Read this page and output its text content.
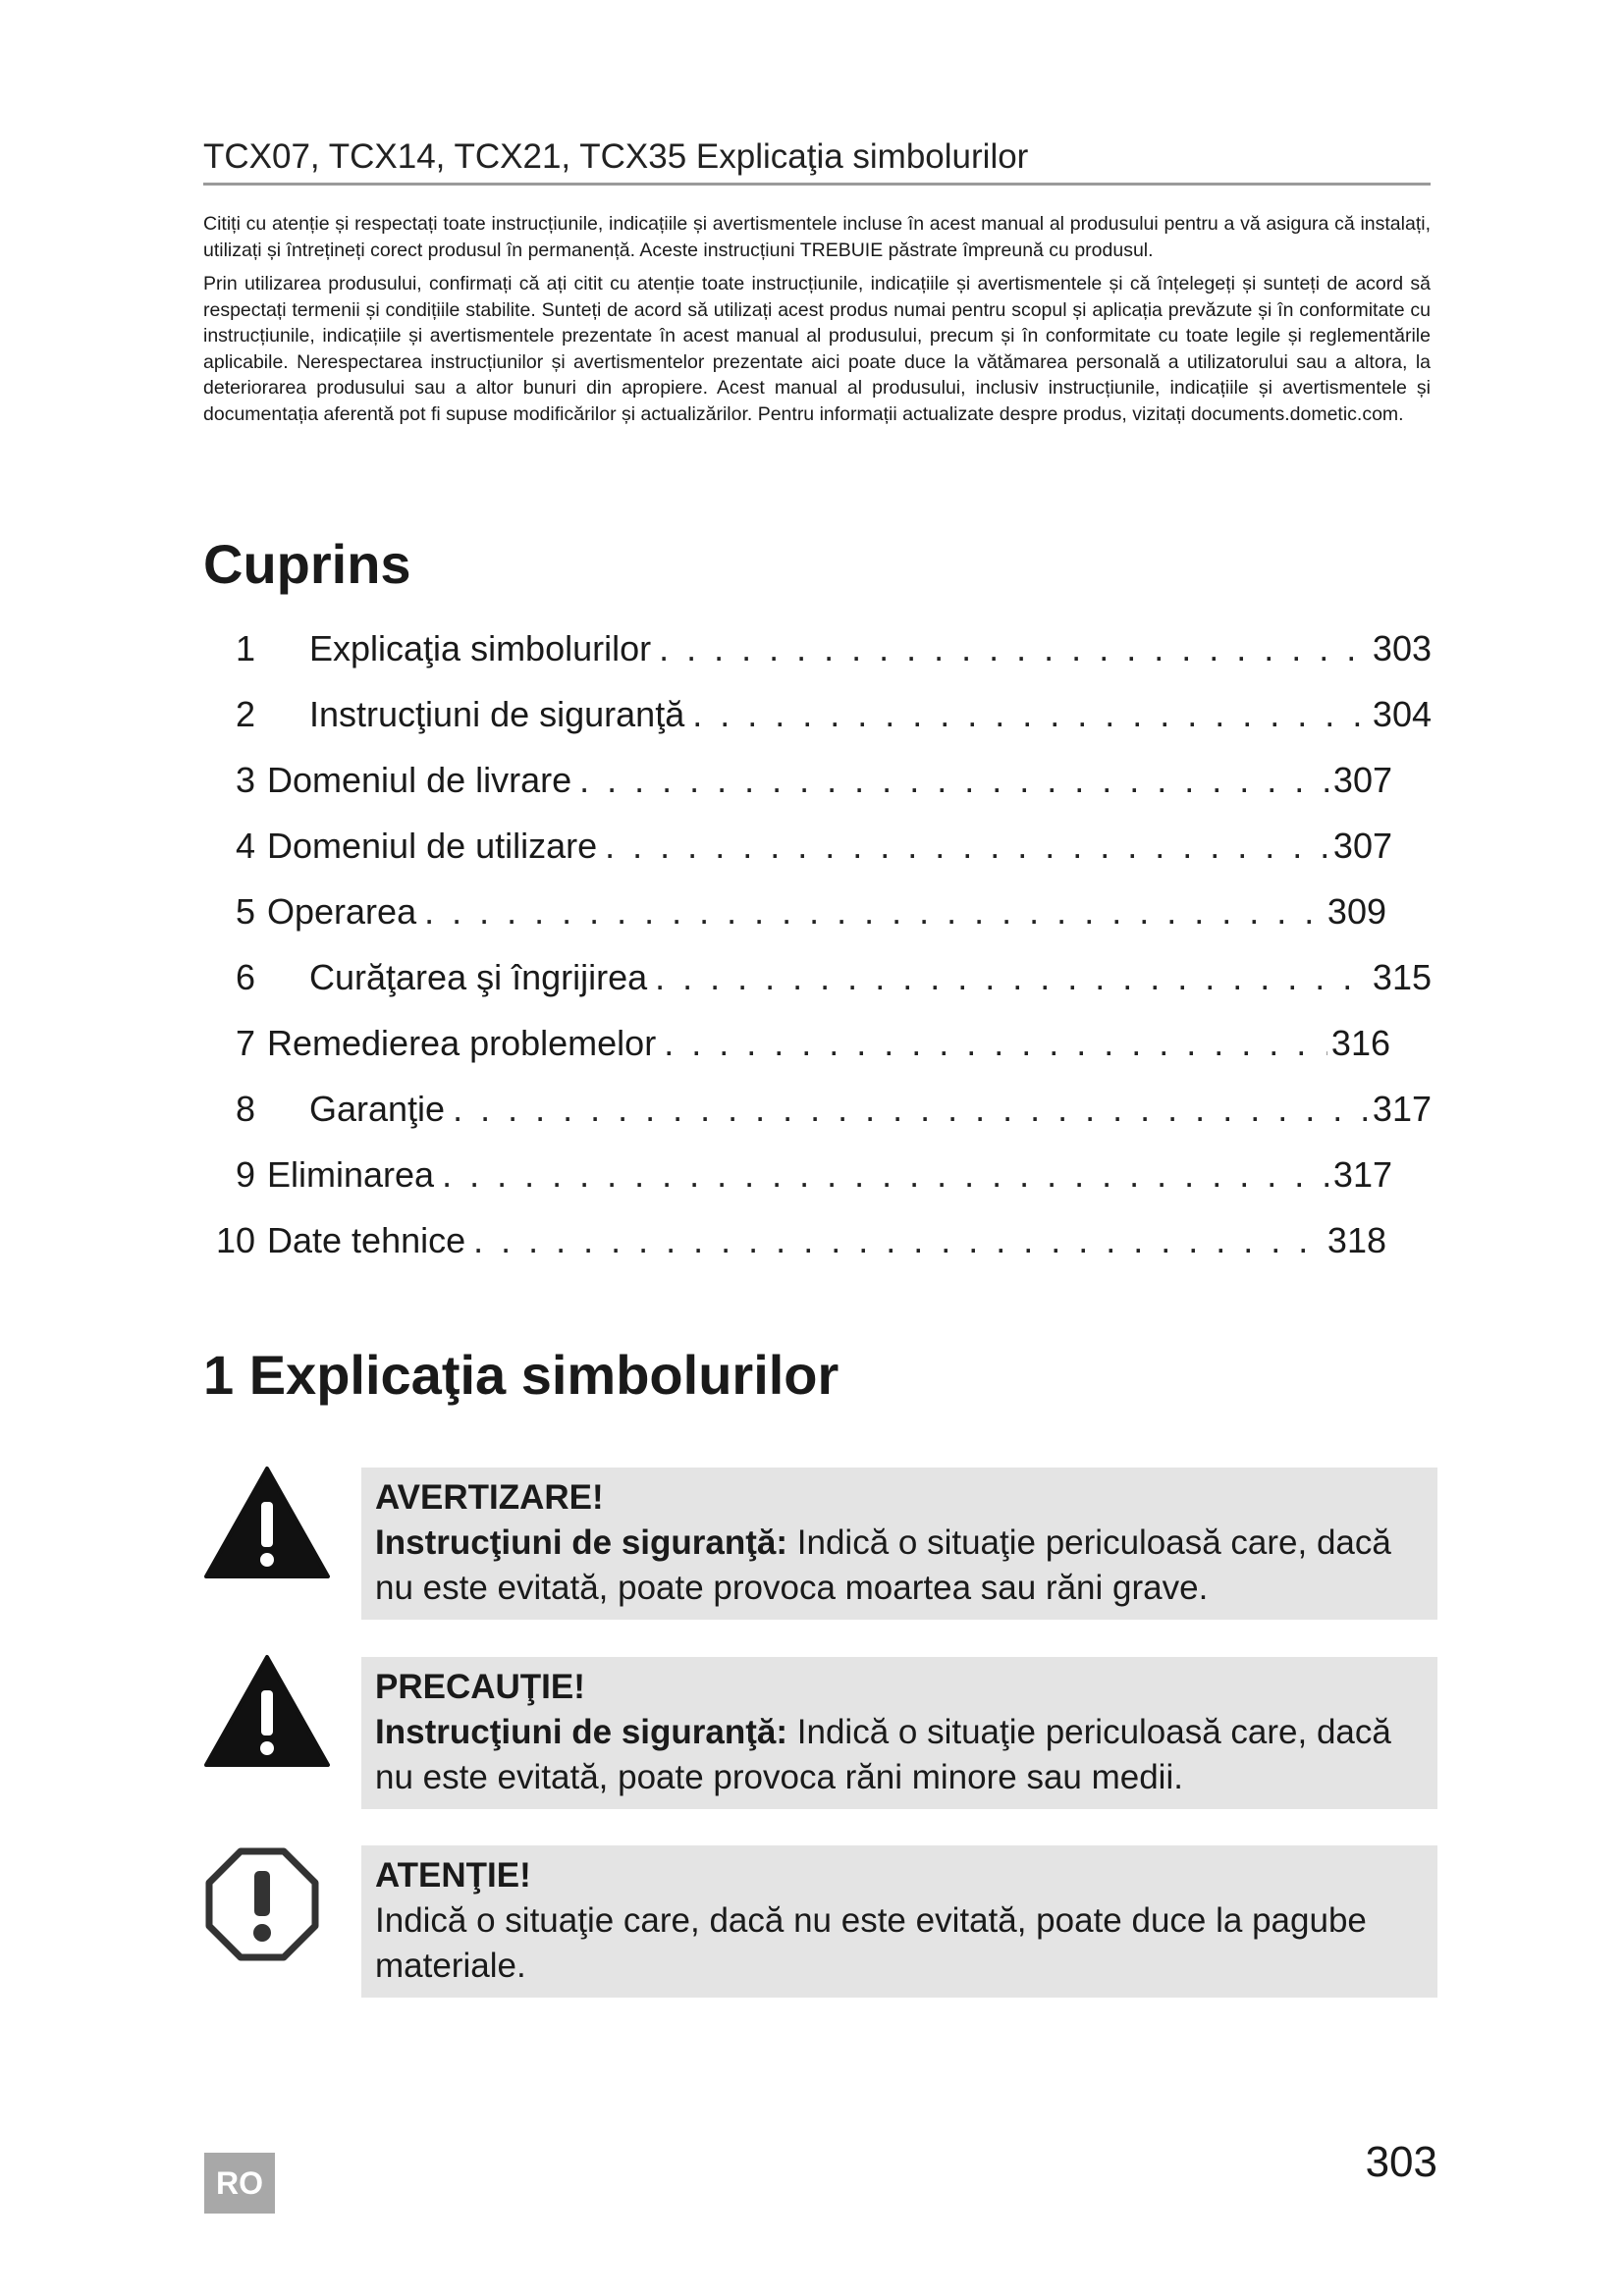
TCX07, TCX14, TCX21, TCX35 Explicaţia simbolurilor

Citiți cu atenție și respectați toate instrucțiunile, indicațiile și avertismentele incluse în acest manual al produsului pentru a vă asigura că instalați, utilizați și întrețineți corect produsul în permanență. Aceste instrucțiuni TREBUIE păstrate împreună cu produsul.

Prin utilizarea produsului, confirmați că ați citit cu atenție toate instrucțiunile, indicațiile și avertismentele și că înțelegeți și sunteți de acord să respectați termenii și condițiile stabilite. Sunteți de acord să utilizați acest produs numai pentru scopul și aplicația prevăzute și în conformitate cu instrucțiunile, indicațiile și avertismentele prezentate în acest manual al produsului, precum și în conformitate cu toate legile și reglementările aplicabile. Nerespectarea instrucțiunilor și avertismentelor prezentate aici poate duce la vătămarea personală a utilizatorului sau a altora, la deteriorarea produsului sau a altor bunuri din apropiere. Acest manual al produsului, inclusiv instrucțiunile, indicațiile și avertismentele și documentația aferentă pot fi supuse modificărilor și actualizărilor. Pentru informații actualizate despre produs, vizitați documents.dometic.com.

Cuprins
1	Explicaţia simbolurilor . . .	303
2	Instrucţiuni de siguranţă . . .	304
3 Domeniul de livrare . . .	307
4 Domeniul de utilizare . . .	307
5 Operarea . . .	309
6	Curăţarea şi îngrijirea . . .	315
7 Remedierea problemelor . . .	316
8	Garanţie . . .	317
9 Eliminarea . . .	317
10 Date tehnice . . .	318
1 Explicaţia simbolurilor
AVERTIZARE!
Instrucţiuni de siguranţă: Indică o situaţie periculoasă care, dacă nu este evitată, poate provoca moartea sau răni grave.
PRECAUŢIE!
Instrucţiuni de siguranţă: Indică o situaţie periculoasă care, dacă nu este evitată, poate provoca răni minore sau medii.
ATENŢIE!
Indică o situaţie care, dacă nu este evitată, poate duce la pagube materiale.
RO	303
